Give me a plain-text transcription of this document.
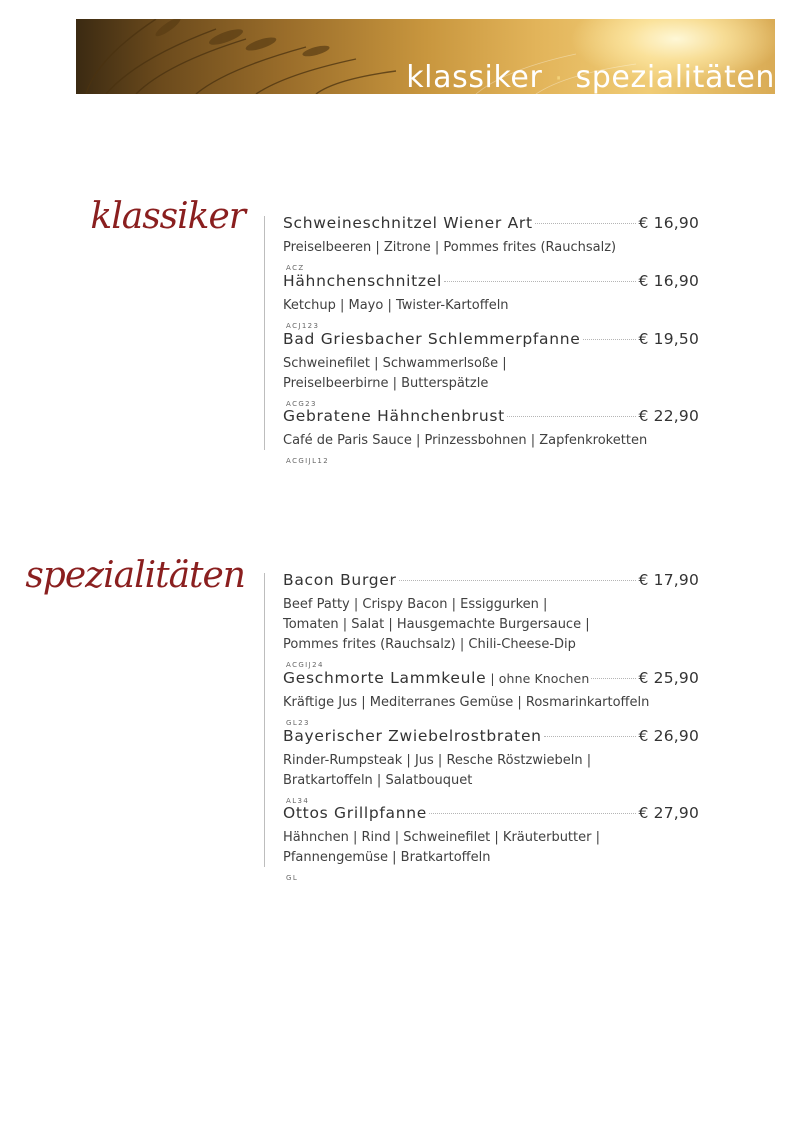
klassiker · spezialitäten
klassiker Schweineschnitzel Wiener Art	€ 16,90
Preiselbeeren | Zitrone | Pommes frites (Rauchsalz)
ACZ
Hähnchenschnitzel	€ 16,90
Ketchup | Mayo | Twister-Kartoffeln
ACJ123
Bad Griesbacher Schlemmerpfanne	€ 19,50
Schweinefilet | Schwammerlsoße |
Preiselbeerbirne | Butterspätzle
ACG23
Gebratene Hähnchenbrust	€ 22,90
Café de Paris Sauce | Prinzessbohnen | Zapfenkroketten
ACGIJL12
spezialitäten Bacon Burger	€ 17,90
Beef Patty | Crispy Bacon | Essiggurken |
Tomaten | Salat | Hausgemachte Burgersauce |
Pommes frites (Rauchsalz) | Chili-Cheese-Dip
ACGIJ24
Geschmorte Lammkeule | ohne Knochen	€ 25,90
Kräftige Jus | Mediterranes Gemüse | Rosmarinkartoffeln
GL23
Bayerischer Zwiebelrostbraten	€ 26,90
Rinder-Rumpsteak | Jus | Resche Röstzwiebeln |
Bratkartoffeln | Salatbouquet
AL34
Ottos Grillpfanne	€ 27,90
Hähnchen | Rind | Schweinefilet | Kräuterbutter |
Pfannengemüse | Bratkartoffeln
GL
